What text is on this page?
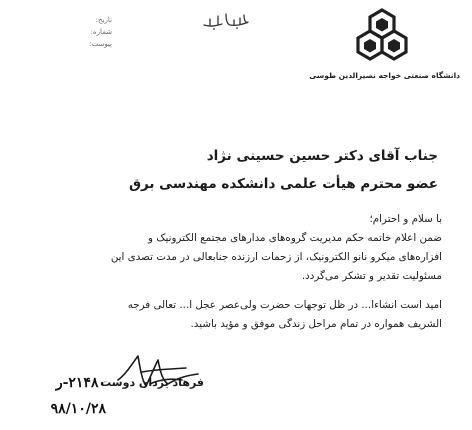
تاریخ:
شماره:
پیوست:
دانشگاه صنعتی خواجه نصیرالدین طوسی
جناب آقای دکتر حسین حسینی نژاد
عضو محترم هیأت علمی دانشکده مهندسی برق

با سلام و احترام؛

ضمن اعلام خاتمه حکم مدیریت گروه‌های مدارهای مجتمع الکترونیک و

افزاره‌های میکرو نانو الکترونیک، از زحمات ارزنده جنابعالی در مدت تصدی این

مسئولیت تقدیر و تشکر می‌گردد.

امید است انشاءا... در ظل توجهات حضرت ولی‌عصر عجل ا... تعالی فرجه

الشریف همواره در تمام مراحل زندگی موفق و مؤید باشید.

فرهاد یزدان دوست
۲۱۴۸۰-ر
۹۸/۱۰/۲۸
